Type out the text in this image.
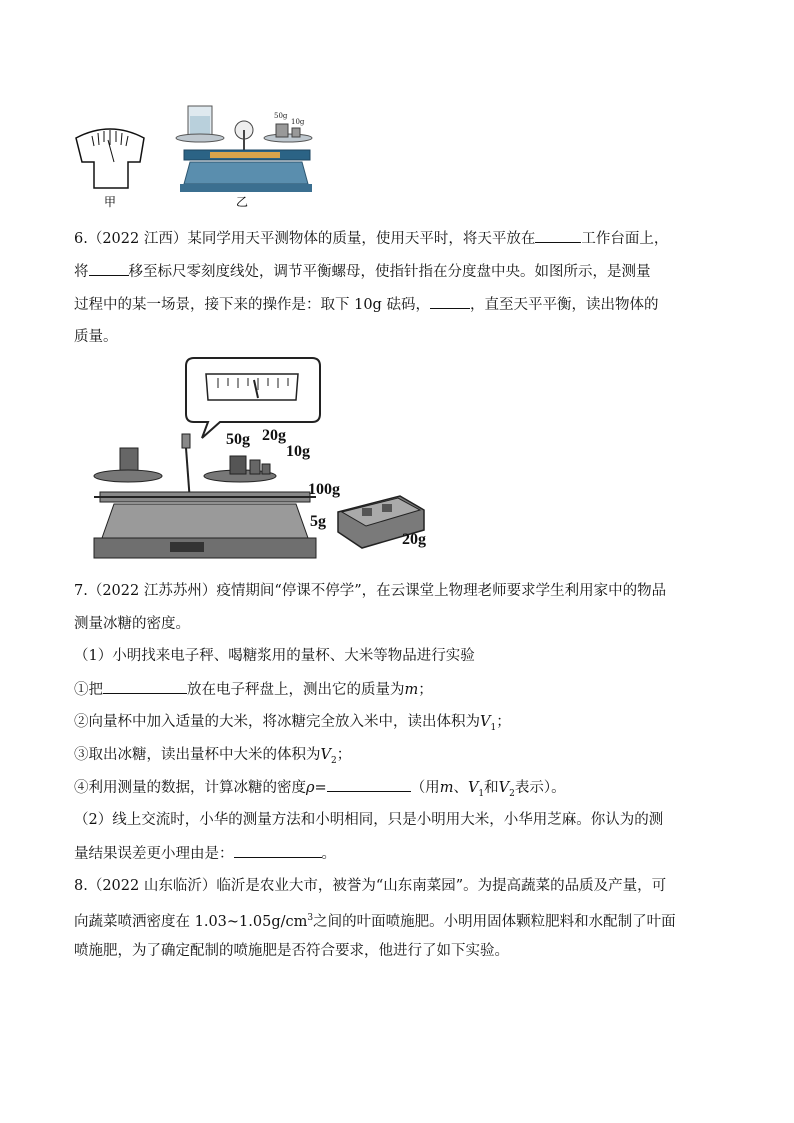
甲
50g
10g
乙
6.（2022 江西）某同学用天平测物体的质量，使用天平时，将天平放在	工作台面上，
将	移至标尺零刻度线处，调节平衡螺母，使指针指在分度盘中央。如图所示，是测量
过程中的某一场景，接下来的操作是：取下 10g 砝码，	，直至天平平衡，读出物体的
质量。
50g 20g
10g
100g
5g
20g
7.（2022 江苏苏州）疫情期间“停课不停学”，在云课堂上物理老师要求学生利用家中的物品
测量冰糖的密度。
（1）小明找来电子秤、喝糖浆用的量杯、大米等物品进行实验
①把	放在电子秤盘上，测出它的质量为m；
②向量杯中加入适量的大米，将冰糖完全放入米中，读出体积为$V_1$；
③取出冰糖，读出量杯中大米的体积为$V_2$；
④利用测量的数据，计算冰糖的密度ρ=	（用m、$V_1$和$V_2$表示）。
（2）线上交流时，小华的测量方法和小明相同，只是小明用大米，小华用芝麻。你认为的测
量结果误差更小理由是：	。
8.（2022 山东临沂）临沂是农业大市，被誉为“山东南菜园”。为提高蔬菜的品质及产量，可
向蔬菜喷洒密度在 $1.03\sim 1.05g/cm^3$之间的叶面喷施肥。小明用固体颗粒肥料和水配制了叶面
喷施肥，为了确定配制的喷施肥是否符合要求，他进行了如下实验。
